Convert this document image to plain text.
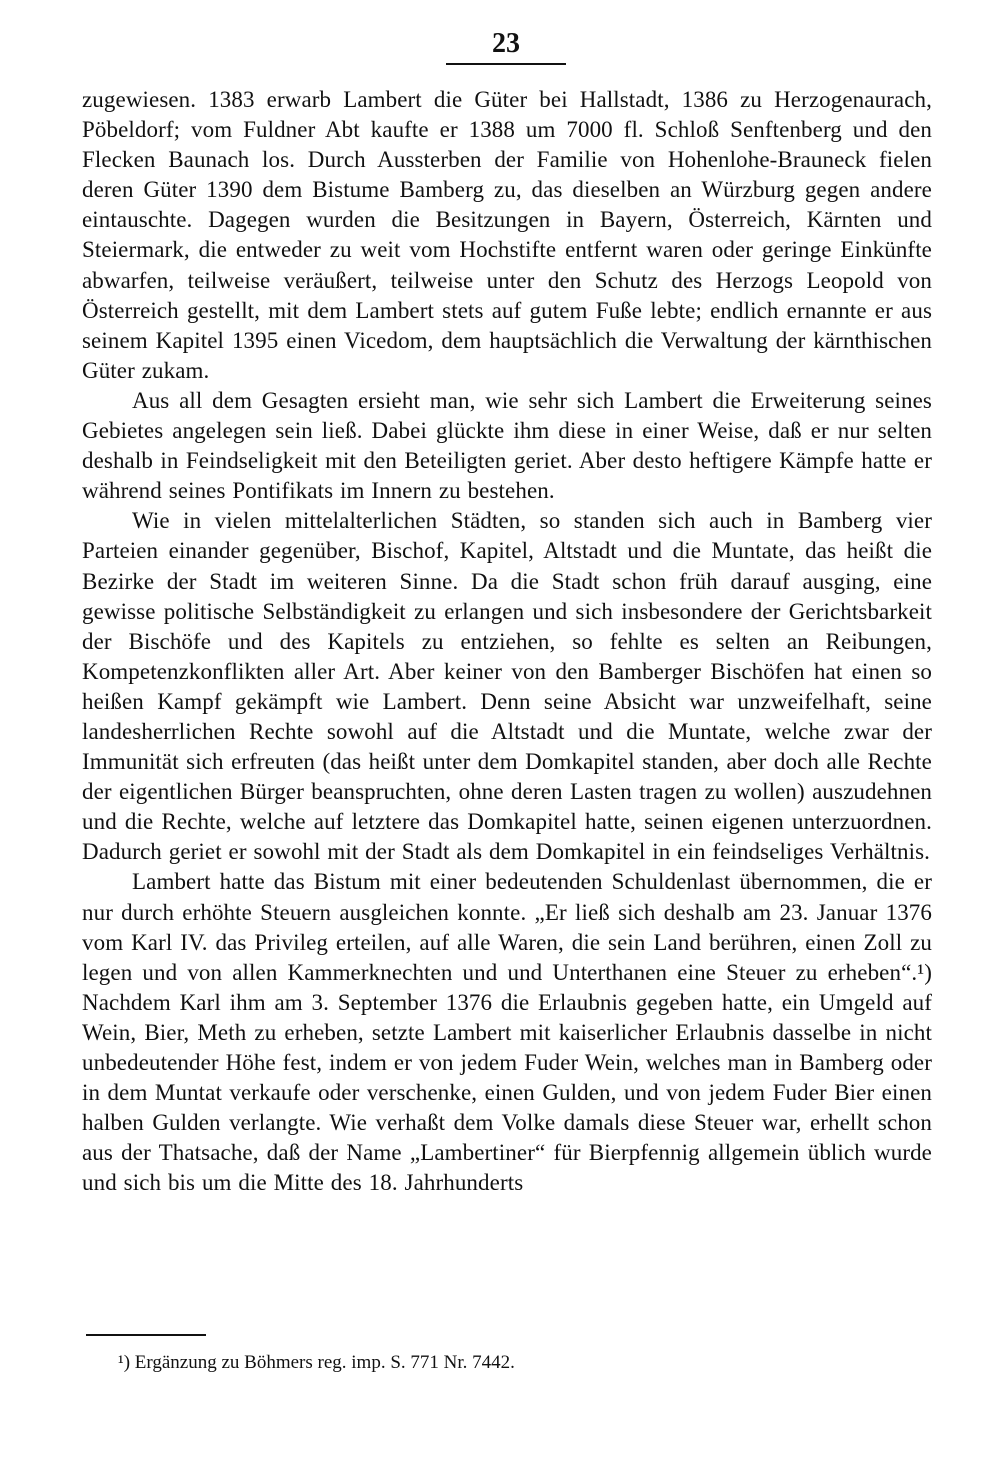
23

zugewiesen. 1383 erwarb Lambert die Güter bei Hallstadt, 1386 zu Herzogenaurach, Pöbeldorf; vom Fuldner Abt kaufte er 1388 um 7000 fl. Schloß Senftenberg und den Flecken Baunach los. Durch Aussterben der Familie von Hohenlohe-Brauneck fielen deren Güter 1390 dem Bistume Bamberg zu, das dieselben an Würzburg gegen andere eintauschte. Dagegen wurden die Besitzungen in Bayern, Österreich, Kärnten und Steiermark, die entweder zu weit vom Hochstifte entfernt waren oder geringe Einkünfte abwarfen, teilweise veräußert, teilweise unter den Schutz des Herzogs Leopold von Österreich gestellt, mit dem Lambert stets auf gutem Fuße lebte; endlich ernannte er aus seinem Kapitel 1395 einen Vicedom, dem hauptsächlich die Verwaltung der kärnthischen Güter zukam.

Aus all dem Gesagten ersieht man, wie sehr sich Lambert die Erweiterung seines Gebietes angelegen sein ließ. Dabei glückte ihm diese in einer Weise, daß er nur selten deshalb in Feindseligkeit mit den Beteiligten geriet. Aber desto heftigere Kämpfe hatte er während seines Pontifikats im Innern zu bestehen.

Wie in vielen mittelalterlichen Städten, so standen sich auch in Bamberg vier Parteien einander gegenüber, Bischof, Kapitel, Altstadt und die Muntate, das heißt die Bezirke der Stadt im weiteren Sinne. Da die Stadt schon früh darauf ausging, eine gewisse politische Selbständigkeit zu erlangen und sich insbesondere der Gerichtsbarkeit der Bischöfe und des Kapitels zu entziehen, so fehlte es selten an Reibungen, Kompetenzkonflikten aller Art. Aber keiner von den Bamberger Bischöfen hat einen so heißen Kampf gekämpft wie Lambert. Denn seine Absicht war unzweifelhaft, seine landesherrlichen Rechte sowohl auf die Altstadt und die Muntate, welche zwar der Immunität sich erfreuten (das heißt unter dem Domkapitel standen, aber doch alle Rechte der eigentlichen Bürger beanspruchten, ohne deren Lasten tragen zu wollen) auszudehnen und die Rechte, welche auf letztere das Domkapitel hatte, seinen eigenen unterzuordnen. Dadurch geriet er sowohl mit der Stadt als dem Domkapitel in ein feindseliges Verhältnis.

Lambert hatte das Bistum mit einer bedeutenden Schuldenlast übernommen, die er nur durch erhöhte Steuern ausgleichen konnte. „Er ließ sich deshalb am 23. Januar 1376 vom Karl IV. das Privileg erteilen, auf alle Waren, die sein Land berühren, einen Zoll zu legen und von allen Kammerknechten und und Unterthanen eine Steuer zu erheben“.¹) Nachdem Karl ihm am 3. September 1376 die Erlaubnis gegeben hatte, ein Umgeld auf Wein, Bier, Meth zu erheben, setzte Lambert mit kaiserlicher Erlaubnis dasselbe in nicht unbedeutender Höhe fest, indem er von jedem Fuder Wein, welches man in Bamberg oder in dem Muntat verkaufe oder verschenke, einen Gulden, und von jedem Fuder Bier einen halben Gulden verlangte. Wie verhaßt dem Volke damals diese Steuer war, erhellt schon aus der Thatsache, daß der Name „Lambertiner“ für Bierpfennig allgemein üblich wurde und sich bis um die Mitte des 18. Jahrhunderts

¹) Ergänzung zu Böhmers reg. imp. S. 771 Nr. 7442.
